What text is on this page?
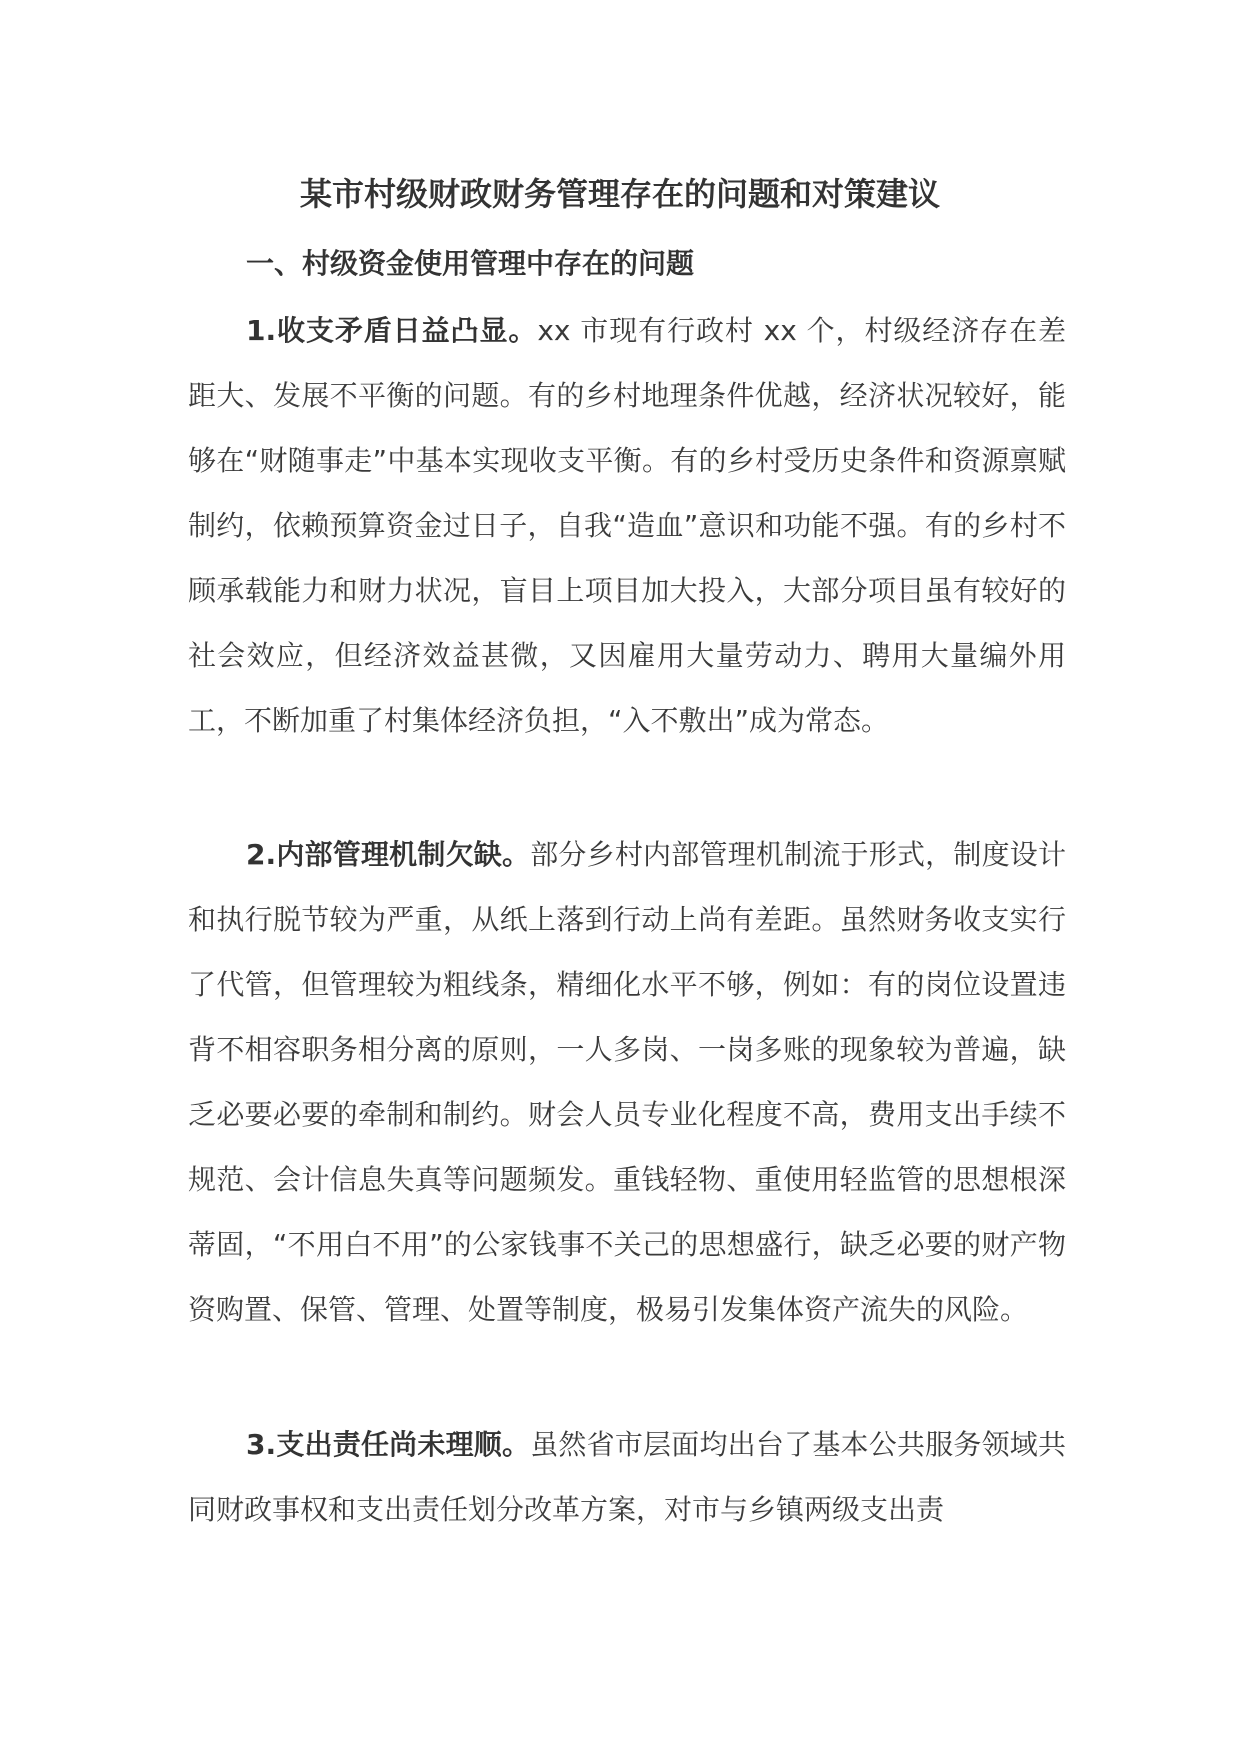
某市村级财政财务管理存在的问题和对策建议
一、村级资金使用管理中存在的问题

1.收支矛盾日益凸显。xx 市现有行政村 xx 个，村级经济存在差距大、发展不平衡的问题。有的乡村地理条件优越，经济状况较好，能够在“财随事走”中基本实现收支平衡。有的乡村受历史条件和资源禀赋制约，依赖预算资金过日子，自我“造血”意识和功能不强。有的乡村不顾承载能力和财力状况，盲目上项目加大投入，大部分项目虽有较好的社会效应，但经济效益甚微，又因雇用大量劳动力、聘用大量编外用工，不断加重了村集体经济负担，“入不敷出”成为常态。

2.内部管理机制欠缺。部分乡村内部管理机制流于形式，制度设计和执行脱节较为严重，从纸上落到行动上尚有差距。虽然财务收支实行了代管，但管理较为粗线条，精细化水平不够，例如：有的岗位设置违背不相容职务相分离的原则，一人多岗、一岗多账的现象较为普遍，缺乏必要必要的牵制和制约。财会人员专业化程度不高，费用支出手续不规范、会计信息失真等问题频发。重钱轻物、重使用轻监管的思想根深蒂固，“不用白不用”的公家钱事不关己的思想盛行，缺乏必要的财产物资购置、保管、管理、处置等制度，极易引发集体资产流失的风险。

3.支出责任尚未理顺。虽然省市层面均出台了基本公共服务领域共同财政事权和支出责任划分改革方案，对市与乡镇两级支出责
